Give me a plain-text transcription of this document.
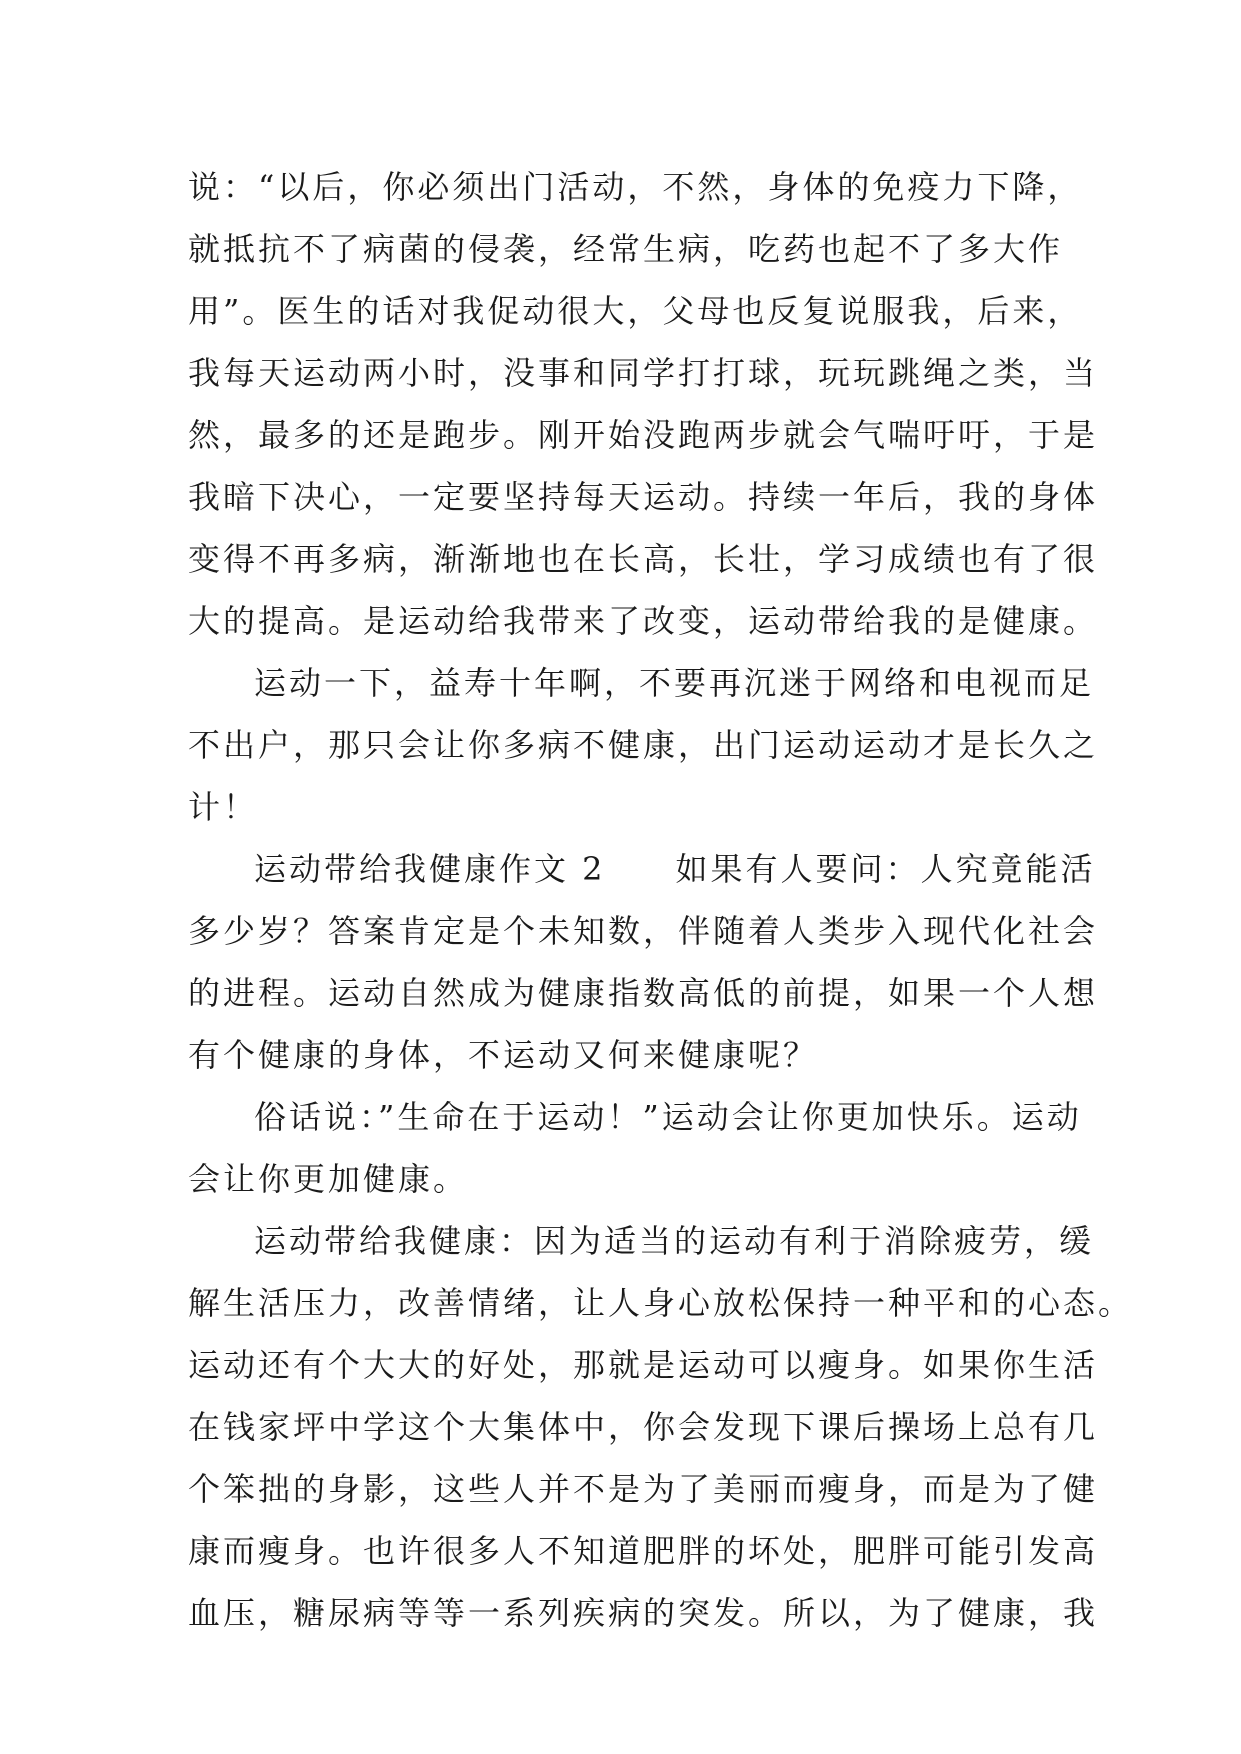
说：“以后，你必须出门活动，不然，身体的免疫力下降，
就抵抗不了病菌的侵袭，经常生病，吃药也起不了多大作
用”。医生的话对我促动很大，父母也反复说服我，后来，
我每天运动两小时，没事和同学打打球，玩玩跳绳之类，当
然，最多的还是跑步。刚开始没跑两步就会气喘吁吁，于是
我暗下决心，一定要坚持每天运动。持续一年后，我的身体
变得不再多病，渐渐地也在长高，长壮，学习成绩也有了很
大的提高。是运动给我带来了改变，运动带给我的是健康。
运动一下，益寿十年啊，不要再沉迷于网络和电视而足
不出户，那只会让你多病不健康，出门运动运动才是长久之
计！
运动带给我健康作文 2　　如果有人要问：人究竟能活
多少岁？答案肯定是个未知数，伴随着人类步入现代化社会
的进程。运动自然成为健康指数高低的前提，如果一个人想
有个健康的身体，不运动又何来健康呢？
俗话说：”生命在于运动！”运动会让你更加快乐。运动
会让你更加健康。
运动带给我健康：因为适当的运动有利于消除疲劳，缓
解生活压力，改善情绪，让人身心放松保持一种平和的心态。
运动还有个大大的好处，那就是运动可以瘦身。如果你生活
在钱家坪中学这个大集体中，你会发现下课后操场上总有几
个笨拙的身影，这些人并不是为了美丽而瘦身，而是为了健
康而瘦身。也许很多人不知道肥胖的坏处，肥胖可能引发高
血压，糖尿病等等一系列疾病的突发。所以，为了健康，我
